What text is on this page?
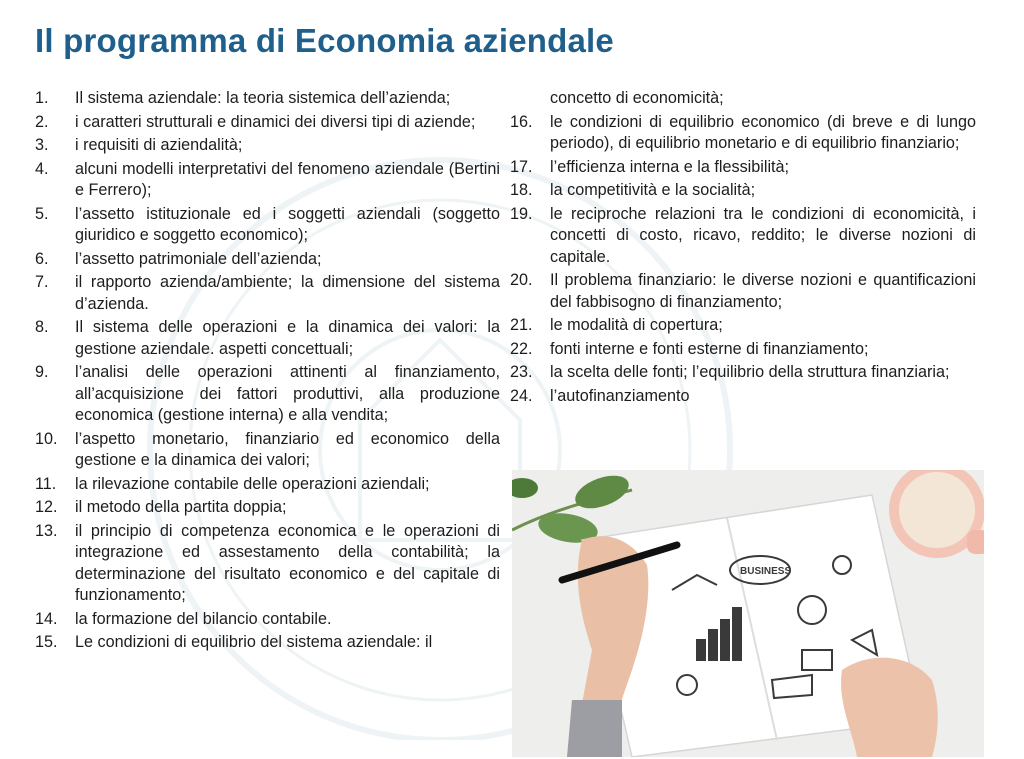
Il programma di Economia aziendale
1.	Il sistema aziendale: la teoria sistemica dell’azienda;
2.	i caratteri strutturali e dinamici dei diversi tipi di aziende;
3.	i requisiti di aziendalità;
4.	alcuni modelli interpretativi del fenomeno aziendale (Bertini e Ferrero);
5.	l’assetto istituzionale ed i soggetti aziendali (soggetto giuridico e soggetto economico);
6.	l’assetto patrimoniale dell’azienda;
7.	il rapporto azienda/ambiente; la dimensione del sistema d’azienda.
8.	Il sistema delle operazioni e la dinamica dei valori: la gestione aziendale. aspetti concettuali;
9.	l’analisi delle operazioni attinenti al finanziamento, all’acquisizione dei fattori produttivi, alla produzione economica (gestione interna) e alla vendita;
10.	l’aspetto monetario, finanziario ed economico della gestione e la dinamica dei valori;
11.	la rilevazione contabile delle operazioni aziendali;
12.	il metodo della partita doppia;
13.	il principio di competenza economica e le operazioni di integrazione ed assestamento della contabilità; la determinazione del risultato economico e del capitale di funzionamento;
14.	la formazione del bilancio contabile.
15.	Le condizioni di equilibrio del sistema aziendale: il
concetto di economicità;
16.	le condizioni di equilibrio economico (di breve e di lungo periodo), di equilibrio monetario e di equilibrio finanziario;
17.	l’efficienza interna e la flessibilità;
18.	la competitività e la socialità;
19.	le reciproche relazioni tra le condizioni di economicità, i concetti di costo, ricavo, reddito; le diverse nozioni di capitale.
20.	Il problema finanziario: le diverse nozioni e quantificazioni del fabbisogno di finanziamento;
21.	le modalità di copertura;
22.	fonti interne e fonti esterne di finanziamento;
23.	la scelta delle fonti; l’equilibrio della struttura finanziaria;
24.	l’autofinanziamento
BUSINESS
